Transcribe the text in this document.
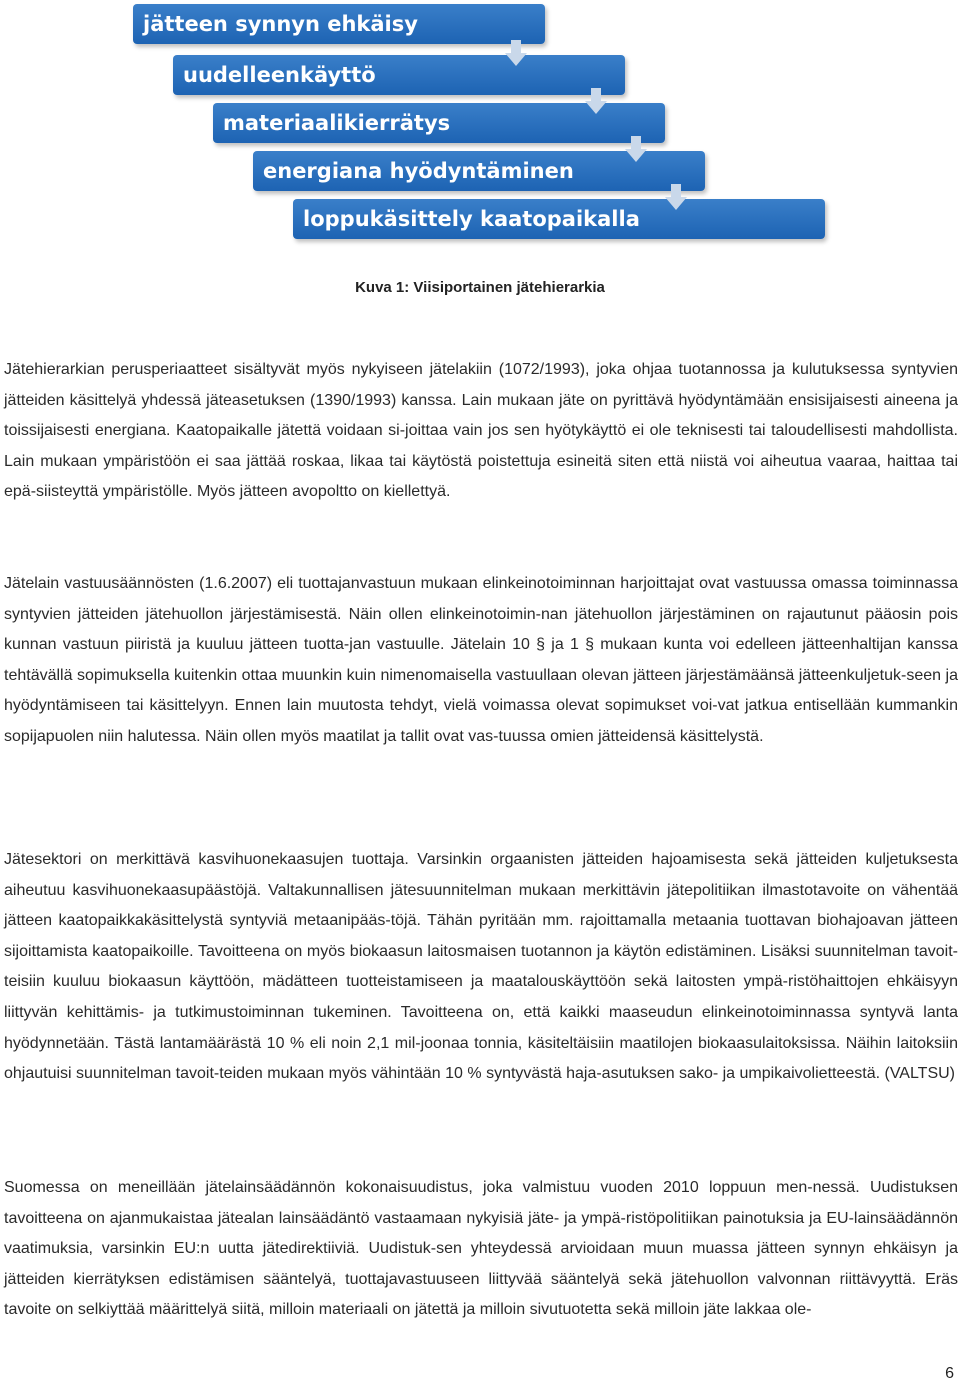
jätteen synnyn ehkäisy
uudelleenkäyttö
materiaalikierrätys
energiana hyödyntäminen
loppukäsittely kaatopaikalla
Kuva 1: Viisiportainen jätehierarkia

Jätehierarkian perusperiaatteet sisältyvät myös nykyiseen jätelakiin (1072/1993), joka ohjaa tuotannossa ja kulutuksessa syntyvien jätteiden käsittelyä yhdessä jäteasetuksen (1390/1993) kanssa. Lain mukaan jäte on pyrittävä hyödyntämään ensisijaisesti aineena ja toissijaisesti energiana. Kaatopaikalle jätettä voidaan si-joittaa vain jos sen hyötykäyttö ei ole teknisesti tai taloudellisesti mahdollista. Lain mukaan ympäristöön ei saa jättää roskaa, likaa tai käytöstä poistettuja esineitä siten että niistä voi aiheutua vaaraa, haittaa tai epä-siisteyttä ympäristölle. Myös jätteen avopoltto on kiellettyä.

Jätelain vastuusäännösten (1.6.2007) eli tuottajanvastuun mukaan elinkeinotoiminnan harjoittajat ovat vastuussa omassa toiminnassa syntyvien jätteiden jätehuollon järjestämisestä. Näin ollen elinkeinotoimin-nan jätehuollon järjestäminen on rajautunut pääosin pois kunnan vastuun piiristä ja kuuluu jätteen tuotta-jan vastuulle. Jätelain 10 § ja 1 § mukaan kunta voi edelleen jätteenhaltijan kanssa tehtävällä sopimuksella kuitenkin ottaa muunkin kuin nimenomaisella vastuullaan olevan jätteen järjestämäänsä jätteenkuljetuk-seen ja hyödyntämiseen tai käsittelyyn. Ennen lain muutosta tehdyt, vielä voimassa olevat sopimukset voi-vat jatkua entisellään kummankin sopijapuolen niin halutessa. Näin ollen myös maatilat ja tallit ovat vas-tuussa omien jätteidensä käsittelystä.

Jätesektori on merkittävä kasvihuonekaasujen tuottaja. Varsinkin orgaanisten jätteiden hajoamisesta sekä jätteiden kuljetuksesta aiheutuu kasvihuonekaasupäästöjä. Valtakunnallisen jätesuunnitelman mukaan merkittävin jätepolitiikan ilmastotavoite on vähentää jätteen kaatopaikkakäsittelystä syntyviä metaanipääs-töjä. Tähän pyritään mm. rajoittamalla metaania tuottavan biohajoavan jätteen sijoittamista kaatopaikoille. Tavoitteena on myös biokaasun laitosmaisen tuotannon ja käytön edistäminen. Lisäksi suunnitelman tavoit-teisiin kuuluu biokaasun käyttöön, mädätteen tuotteistamiseen ja maatalouskäyttöön sekä laitosten ympä-ristöhaittojen ehkäisyyn liittyvän kehittämis- ja tutkimustoiminnan tukeminen. Tavoitteena on, että kaikki maaseudun elinkeinotoiminnassa syntyvä lanta hyödynnetään. Tästä lantamäärästä 10 % eli noin 2,1 mil-joonaa tonnia, käsiteltäisiin maatilojen biokaasulaitoksissa. Näihin laitoksiin ohjautuisi suunnitelman tavoit-teiden mukaan myös vähintään 10 % syntyvästä haja-asutuksen sako- ja umpikaivolietteestä. (VALTSU)

Suomessa on meneillään jätelainsäädännön kokonaisuudistus, joka valmistuu vuoden 2010 loppuun men-nessä. Uudistuksen tavoitteena on ajanmukaistaa jätealan lainsäädäntö vastaamaan nykyisiä jäte- ja ympä-ristöpolitiikan painotuksia ja EU-lainsäädännön vaatimuksia, varsinkin EU:n uutta jätedirektiiviä. Uudistuk-sen yhteydessä arvioidaan muun muassa jätteen synnyn ehkäisyn ja jätteiden kierrätyksen edistämisen sääntelyä, tuottajavastuuseen liittyvää sääntelyä sekä jätehuollon valvonnan riittävyyttä. Eräs tavoite on selkiyttää määrittelyä siitä, milloin materiaali on jätettä ja milloin sivutuotetta sekä milloin jäte lakkaa ole-

6
